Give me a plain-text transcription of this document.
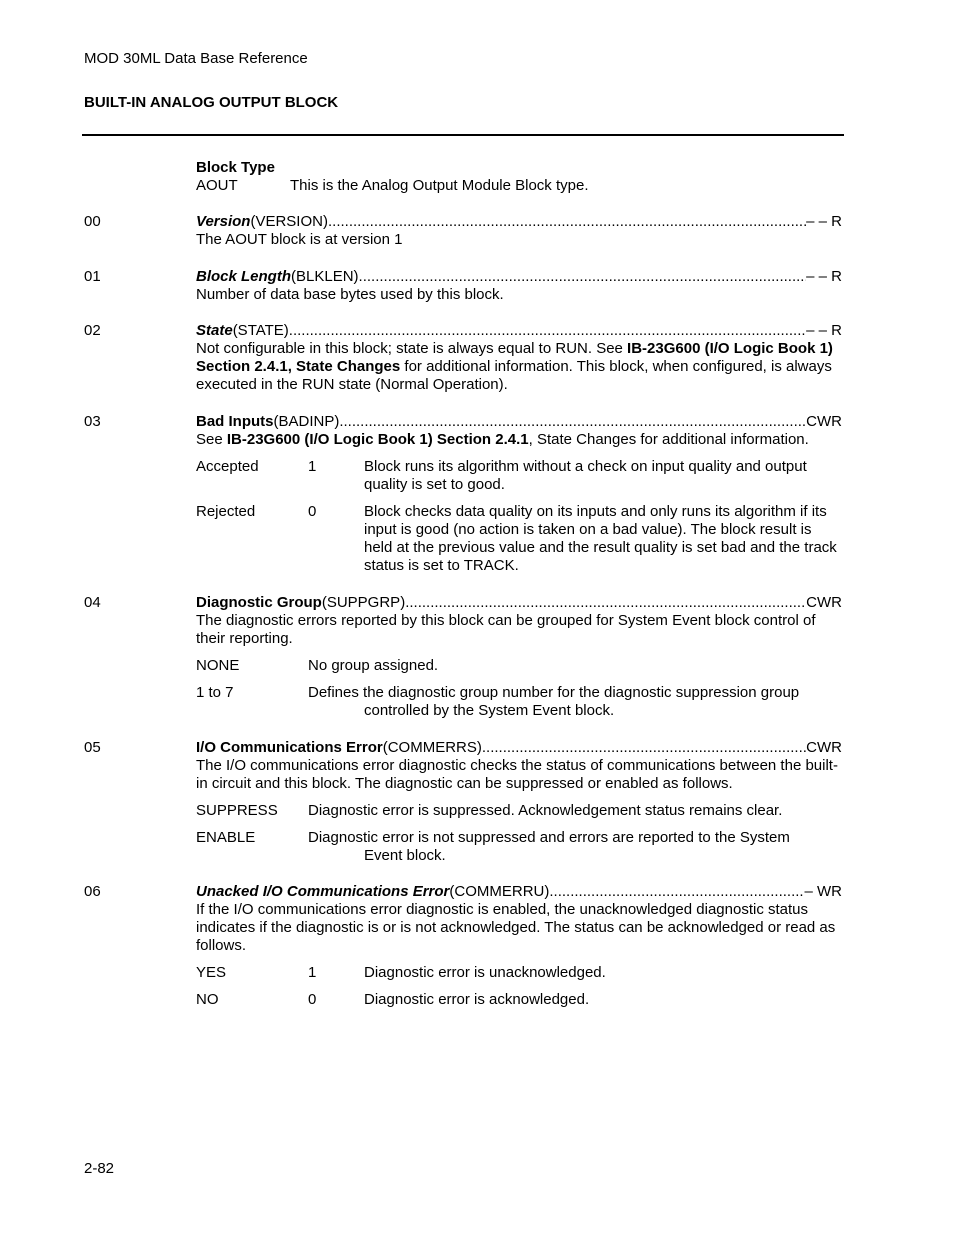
MOD 30ML Data Base Reference
BUILT-IN ANALOG OUTPUT BLOCK
Block Type
AOUT	This is the Analog Output Module Block type.
00	Version (VERSION) .....	– – R

The AOUT block is at version 1

01	Block Length (BLKLEN) .....	– – R

Number of data base bytes used by this block.

02	State (STATE) .....	– – R

Not configurable in this block; state is always equal to RUN. See IB-23G600 (I/O Logic Book 1) Section 2.4.1, State Changes for additional information. This block, when configured, is always executed in the RUN state (Normal Operation).

03	Bad Inputs (BADINP) .....	CWR

See IB-23G600 (I/O Logic Book 1) Section 2.4.1, State Changes for additional information.

Accepted	1	Block runs its algorithm without a check on input quality and output quality is set to good.
Rejected	0	Block checks data quality on its inputs and only runs its algorithm if its input is good (no action is taken on a bad value). The block result is held at the previous value and the result quality is set bad and the track status is set to TRACK.
04	Diagnostic Group (SUPPGRP) .....	CWR

The diagnostic errors reported by this block can be grouped for System Event block control of their reporting.

NONE	No group assigned.
1 to 7	Defines the diagnostic group number for the diagnostic suppression group
controlled by the System Event block.
05	I/O Communications Error (COMMERRS) .....	CWR

The I/O communications error diagnostic checks the status of communications between the built-in circuit and this block. The diagnostic can be suppressed or enabled as follows.

SUPPRESS Diagnostic error is suppressed. Acknowledgement status remains clear.
ENABLE	Diagnostic error is not suppressed and errors are reported to the System
Event block.
06	Unacked I/O Communications Error (COMMERRU) .....	– WR

If the I/O communications error diagnostic is enabled, the unacknowledged diagnostic status indicates if the diagnostic is or is not acknowledged. The status can be acknowledged or read as follows.

YES	1	Diagnostic error is unacknowledged.
NO	0	Diagnostic error is acknowledged.
2-82
